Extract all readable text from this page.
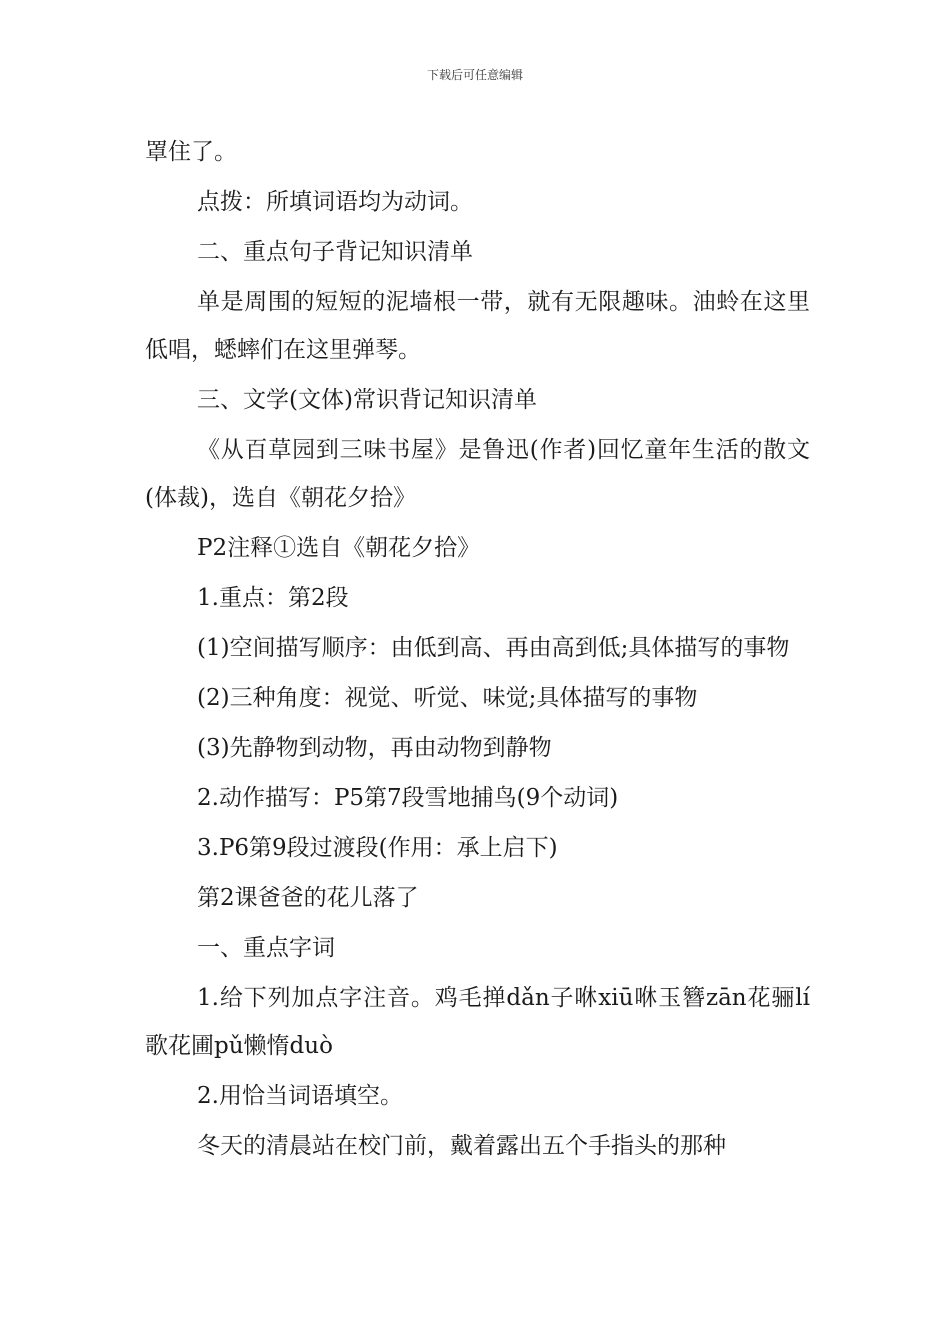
下载后可任意编辑

罩住了。

点拨：所填词语均为动词。

二、重点句子背记知识清单

单是周围的短短的泥墙根一带，就有无限趣味。油蛉在这里低唱，蟋蟀们在这里弹琴。

三、文学(文体)常识背记知识清单

《从百草园到三味书屋》是鲁迅(作者)回忆童年生活的散文(体裁)，选自《朝花夕拾》

P2注释①选自《朝花夕拾》

1.重点：第2段

(1)空间描写顺序：由低到高、再由高到低;具体描写的事物

(2)三种角度：视觉、听觉、味觉;具体描写的事物

(3)先静物到动物，再由动物到静物

2.动作描写：P5第7段雪地捕鸟(9个动词)

3.P6第9段过渡段(作用：承上启下)

第2课爸爸的花儿落了

一、重点字词

1.给下列加点字注音。鸡毛掸dǎn子咻xiū咻玉簪zān花骊lí歌花圃pǔ懒惰duò

2.用恰当词语填空。

冬天的清晨站在校门前，戴着露出五个手指头的那种
